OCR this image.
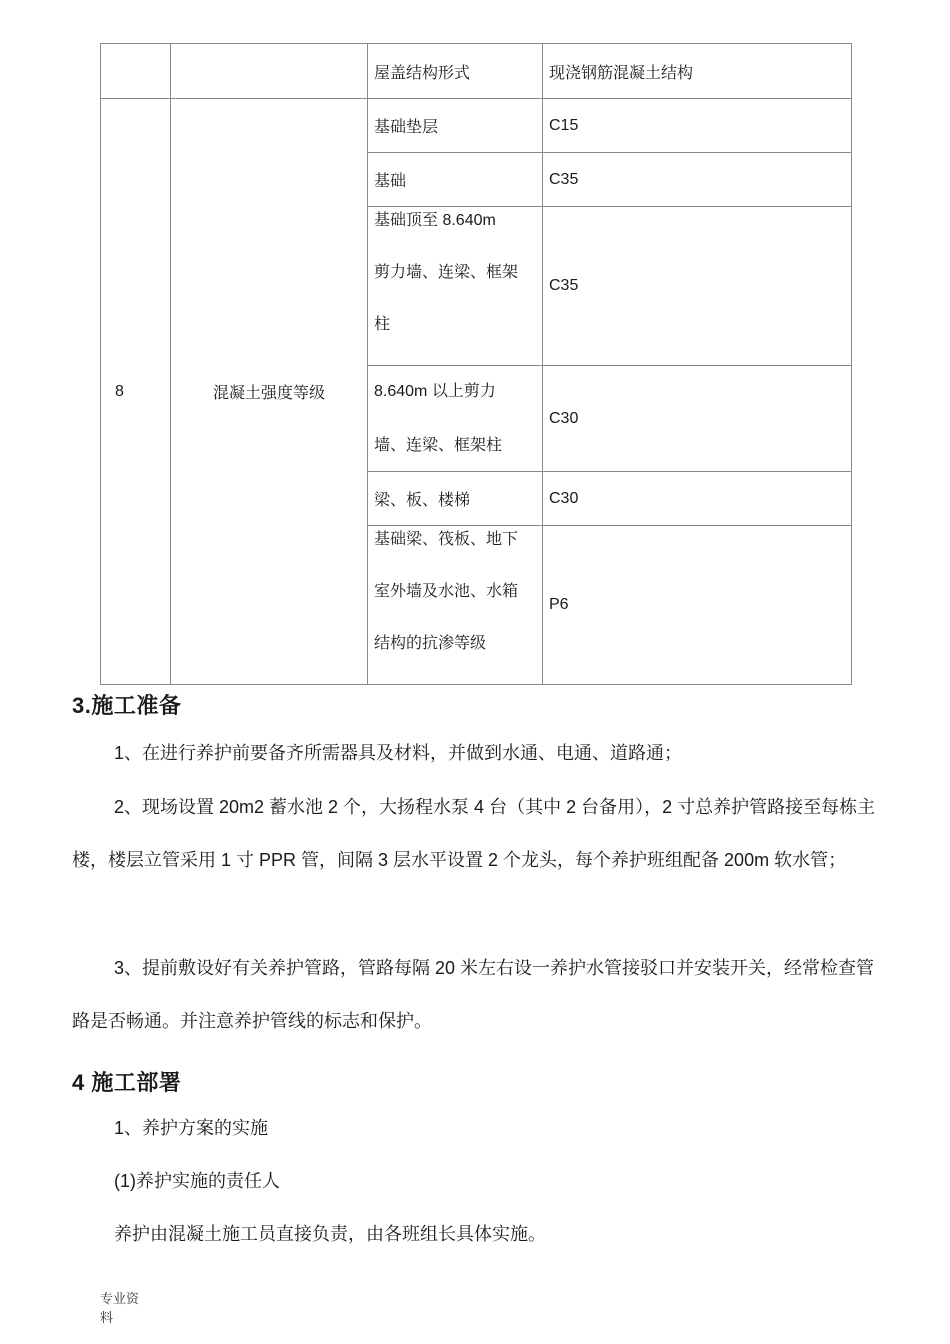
		屋盖结构形式	现浇钢筋混凝土结构
8	混凝土强度等级	基础垫层	C15

		基础	C35

		基础顶至 8.640m
剪力墙、连梁、框架
柱	C35

		8.640m 以上剪力
墙、连梁、框架柱	C30

		梁、板、楼梯	C30

		基础梁、筏板、地下
室外墙及水池、水箱
结构的抗渗等级	P6
3.施工准备

1、在进行养护前要备齐所需器具及材料，并做到水通、电通、道路通；

2、现场设置 20m2 蓄水池 2 个，大扬程水泵 4 台（其中 2 台备用），2 寸总养护管路接至每栋主楼，楼层立管采用 1 寸 PPR 管，间隔 3 层水平设置 2 个龙头，每个养护班组配备 200m 软水管；

3、提前敷设好有关养护管路，管路每隔 20 米左右设一养护水管接驳口并安装开关，经常检查管路是否畅通。并注意养护管线的标志和保护。

4 施工部署

1、养护方案的实施

(1)养护实施的责任人

养护由混凝土施工员直接负责，由各班组长具体实施。

专业资
料
